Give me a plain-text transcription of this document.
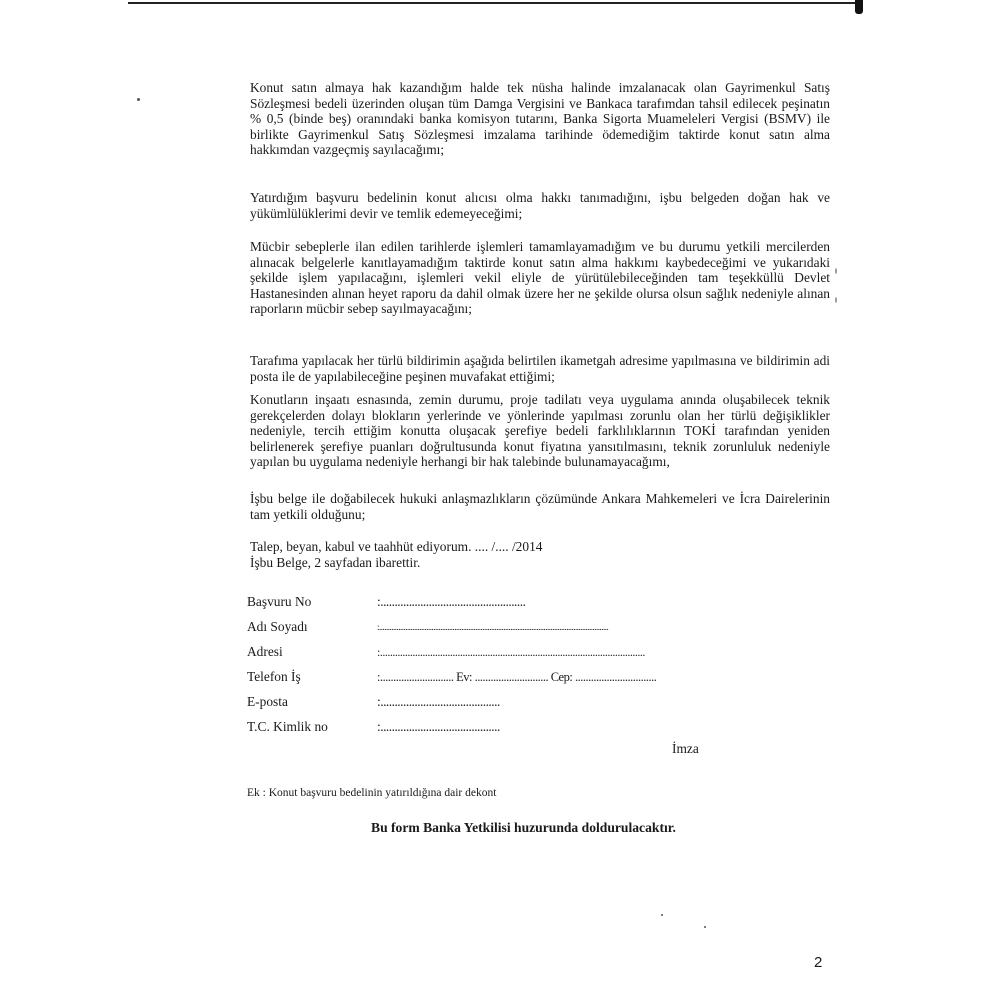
Konut satın almaya hak kazandığım halde tek nüsha halinde imzalanacak olan Gayrimenkul Satış Sözleşmesi bedeli üzerinden oluşan tüm Damga Vergisini ve Bankaca tarafımdan tahsil edilecek peşinatın % 0,5 (binde beş) oranındaki banka komisyon tutarını, Banka Sigorta Muameleleri Vergisi (BSMV) ile birlikte Gayrimenkul Satış Sözleşmesi imzalama tarihinde ödemediğim taktirde konut satın alma hakkımdan vazgeçmiş sayılacağımı;

Yatırdığım başvuru bedelinin konut alıcısı olma hakkı tanımadığını, işbu belgeden doğan hak ve yükümlülüklerimi devir ve temlik edemeyeceğimi;

Mücbir sebeplerle ilan edilen tarihlerde işlemleri tamamlayamadığım ve bu durumu yetkili mercilerden alınacak belgelerle kanıtlayamadığım taktirde konut satın alma hakkımı kaybedeceğimi ve yukarıdaki şekilde işlem yapılacağını, işlemleri vekil eliyle de yürütülebileceğinden tam teşekküllü Devlet Hastanesinden alınan heyet raporu da dahil olmak üzere her ne şekilde olursa olsun sağlık nedeniyle alınan raporların mücbir sebep sayılmayacağını;

Tarafıma yapılacak her türlü bildirimin aşağıda belirtilen ikametgah adresime yapılmasına ve bildirimin adi posta ile de yapılabileceğine peşinen muvafakat ettiğimi;

Konutların inşaatı esnasında, zemin durumu, proje tadilatı veya uygulama anında oluşabilecek teknik gerekçelerden dolayı blokların yerlerinde ve yönlerinde yapılması zorunlu olan her türlü değişiklikler nedeniyle, tercih ettiğim konutta oluşacak şerefiye bedeli farklılıklarının TOKİ tarafından yeniden belirlenerek şerefiye puanları doğrultusunda konut fiyatına yansıtılmasını, teknik zorunluluk nedeniyle yapılan bu uygulama nedeniyle herhangi bir hak talebinde bulunamayacağımı,

İşbu belge ile doğabilecek hukuki anlaşmazlıkların çözümünde Ankara Mahkemeleri ve İcra Dairelerinin tam yetkili olduğunu;

Talep, beyan, kabul ve taahhüt ediyorum. .... /.... /2014
İşbu Belge, 2 sayfadan ibarettir.
Başvuru No	:...................................................
Adı Soyadı	:...................................................................................................................................
Adresi	:..........................................................................................................
Telefon İş	:............................ Ev: ............................ Cep: ...............................
E-posta	:..........................................
T.C. Kimlik no	:..........................................
İmza
Ek : Konut başvuru bedelinin yatırıldığına dair dekont
Bu form Banka Yetkilisi huzurunda doldurulacaktır.
2
